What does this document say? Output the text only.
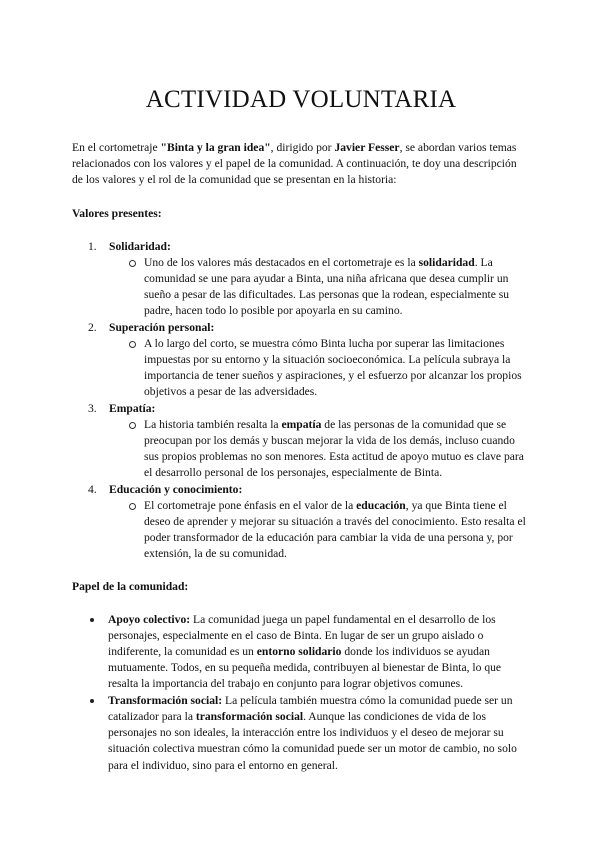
ACTIVIDAD VOLUNTARIA

En el cortometraje "Binta y la gran idea", dirigido por Javier Fesser, se abordan varios temas relacionados con los valores y el papel de la comunidad. A continuación, te doy una descripción de los valores y el rol de la comunidad que se presentan en la historia:

Valores presentes:
1. Solidaridad:

Uno de los valores más destacados en el cortometraje es la solidaridad. La comunidad se une para ayudar a Binta, una niña africana que desea cumplir un sueño a pesar de las dificultades. Las personas que la rodean, especialmente su padre, hacen todo lo posible por apoyarla en su camino.

2. Superación personal:

A lo largo del corto, se muestra cómo Binta lucha por superar las limitaciones impuestas por su entorno y la situación socioeconómica. La película subraya la importancia de tener sueños y aspiraciones, y el esfuerzo por alcanzar los propios objetivos a pesar de las adversidades.

3. Empatía:

La historia también resalta la empatía de las personas de la comunidad que se preocupan por los demás y buscan mejorar la vida de los demás, incluso cuando sus propios problemas no son menores. Esta actitud de apoyo mutuo es clave para el desarrollo personal de los personajes, especialmente de Binta.

4. Educación y conocimiento:

El cortometraje pone énfasis en el valor de la educación, ya que Binta tiene el deseo de aprender y mejorar su situación a través del conocimiento. Esto resalta el poder transformador de la educación para cambiar la vida de una persona y, por extensión, la de su comunidad.

Papel de la comunidad:

Apoyo colectivo: La comunidad juega un papel fundamental en el desarrollo de los personajes, especialmente en el caso de Binta. En lugar de ser un grupo aislado o indiferente, la comunidad es un entorno solidario donde los individuos se ayudan mutuamente. Todos, en su pequeña medida, contribuyen al bienestar de Binta, lo que resalta la importancia del trabajo en conjunto para lograr objetivos comunes.

Transformación social: La película también muestra cómo la comunidad puede ser un catalizador para la transformación social. Aunque las condiciones de vida de los personajes no son ideales, la interacción entre los individuos y el deseo de mejorar su situación colectiva muestran cómo la comunidad puede ser un motor de cambio, no solo para el individuo, sino para el entorno en general.
